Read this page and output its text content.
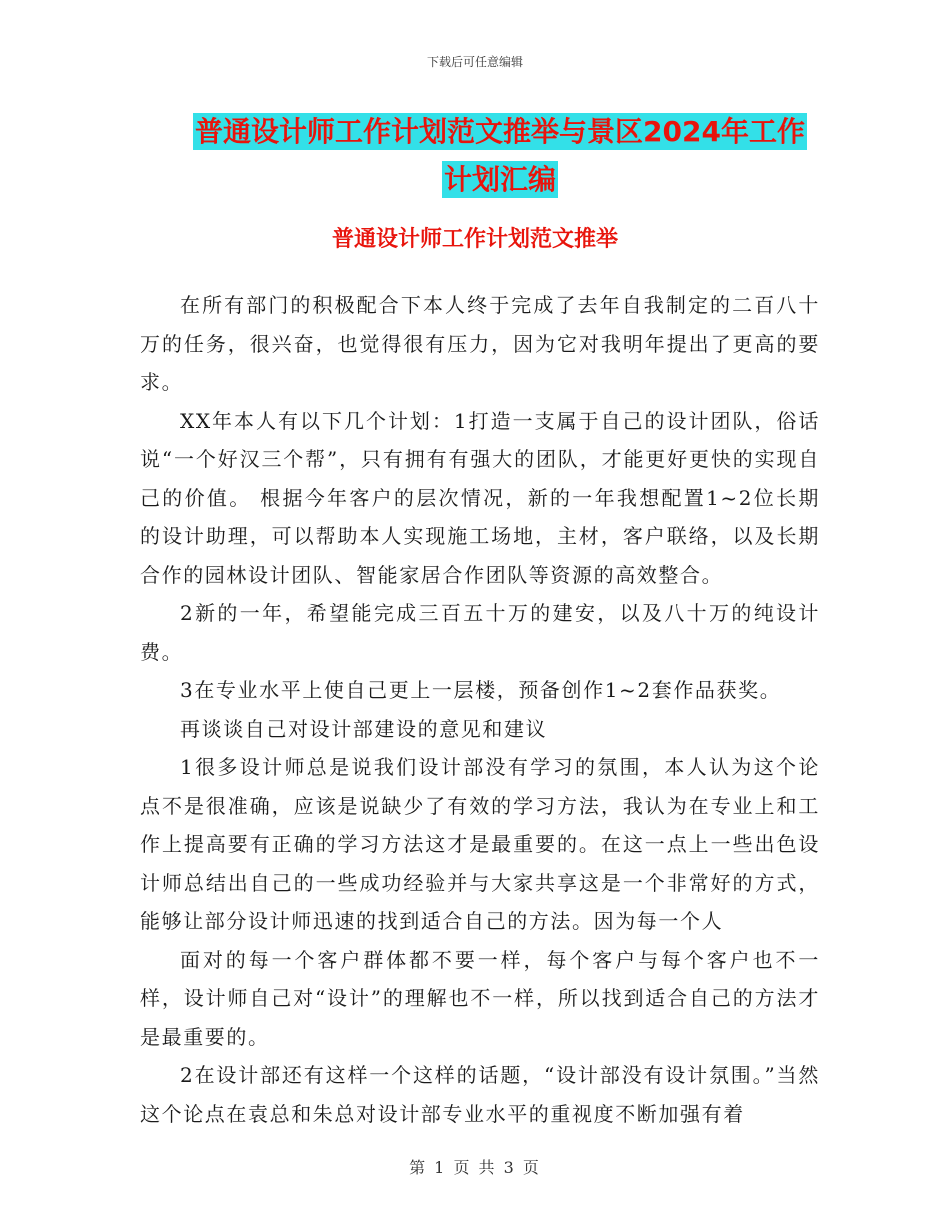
下载后可任意编辑
普通设计师工作计划范文推举与景区2024年工作计划汇编
普通设计师工作计划范文推举

在所有部门的积极配合下本人终于完成了去年自我制定的二百八十万的任务，很兴奋，也觉得很有压力，因为它对我明年提出了更高的要求。

XX年本人有以下几个计划：1打造一支属于自己的设计团队，俗话说“一个好汉三个帮”，只有拥有有强大的团队，才能更好更快的实现自己的价值。 根据今年客户的层次情况，新的一年我想配置1~2位长期的设计助理，可以帮助本人实现施工场地，主材，客户联络，以及长期合作的园林设计团队、智能家居合作团队等资源的高效整合。

2新的一年，希望能完成三百五十万的建安，以及八十万的纯设计费。

3在专业水平上使自己更上一层楼，预备创作1~2套作品获奖。

再谈谈自己对设计部建设的意见和建议

1很多设计师总是说我们设计部没有学习的氛围，本人认为这个论点不是很准确，应该是说缺少了有效的学习方法，我认为在专业上和工作上提高要有正确的学习方法这才是最重要的。在这一点上一些出色设计师总结出自己的一些成功经验并与大家共享这是一个非常好的方式，能够让部分设计师迅速的找到适合自己的方法。因为每一个人

面对的每一个客户群体都不要一样，每个客户与每个客户也不一样，设计师自己对“设计”的理解也不一样，所以找到适合自己的方法才是最重要的。

2在设计部还有这样一个这样的话题，“设计部没有设计氛围。”当然这个论点在袁总和朱总对设计部专业水平的重视度不断加强有着

第 1 页 共 3 页
